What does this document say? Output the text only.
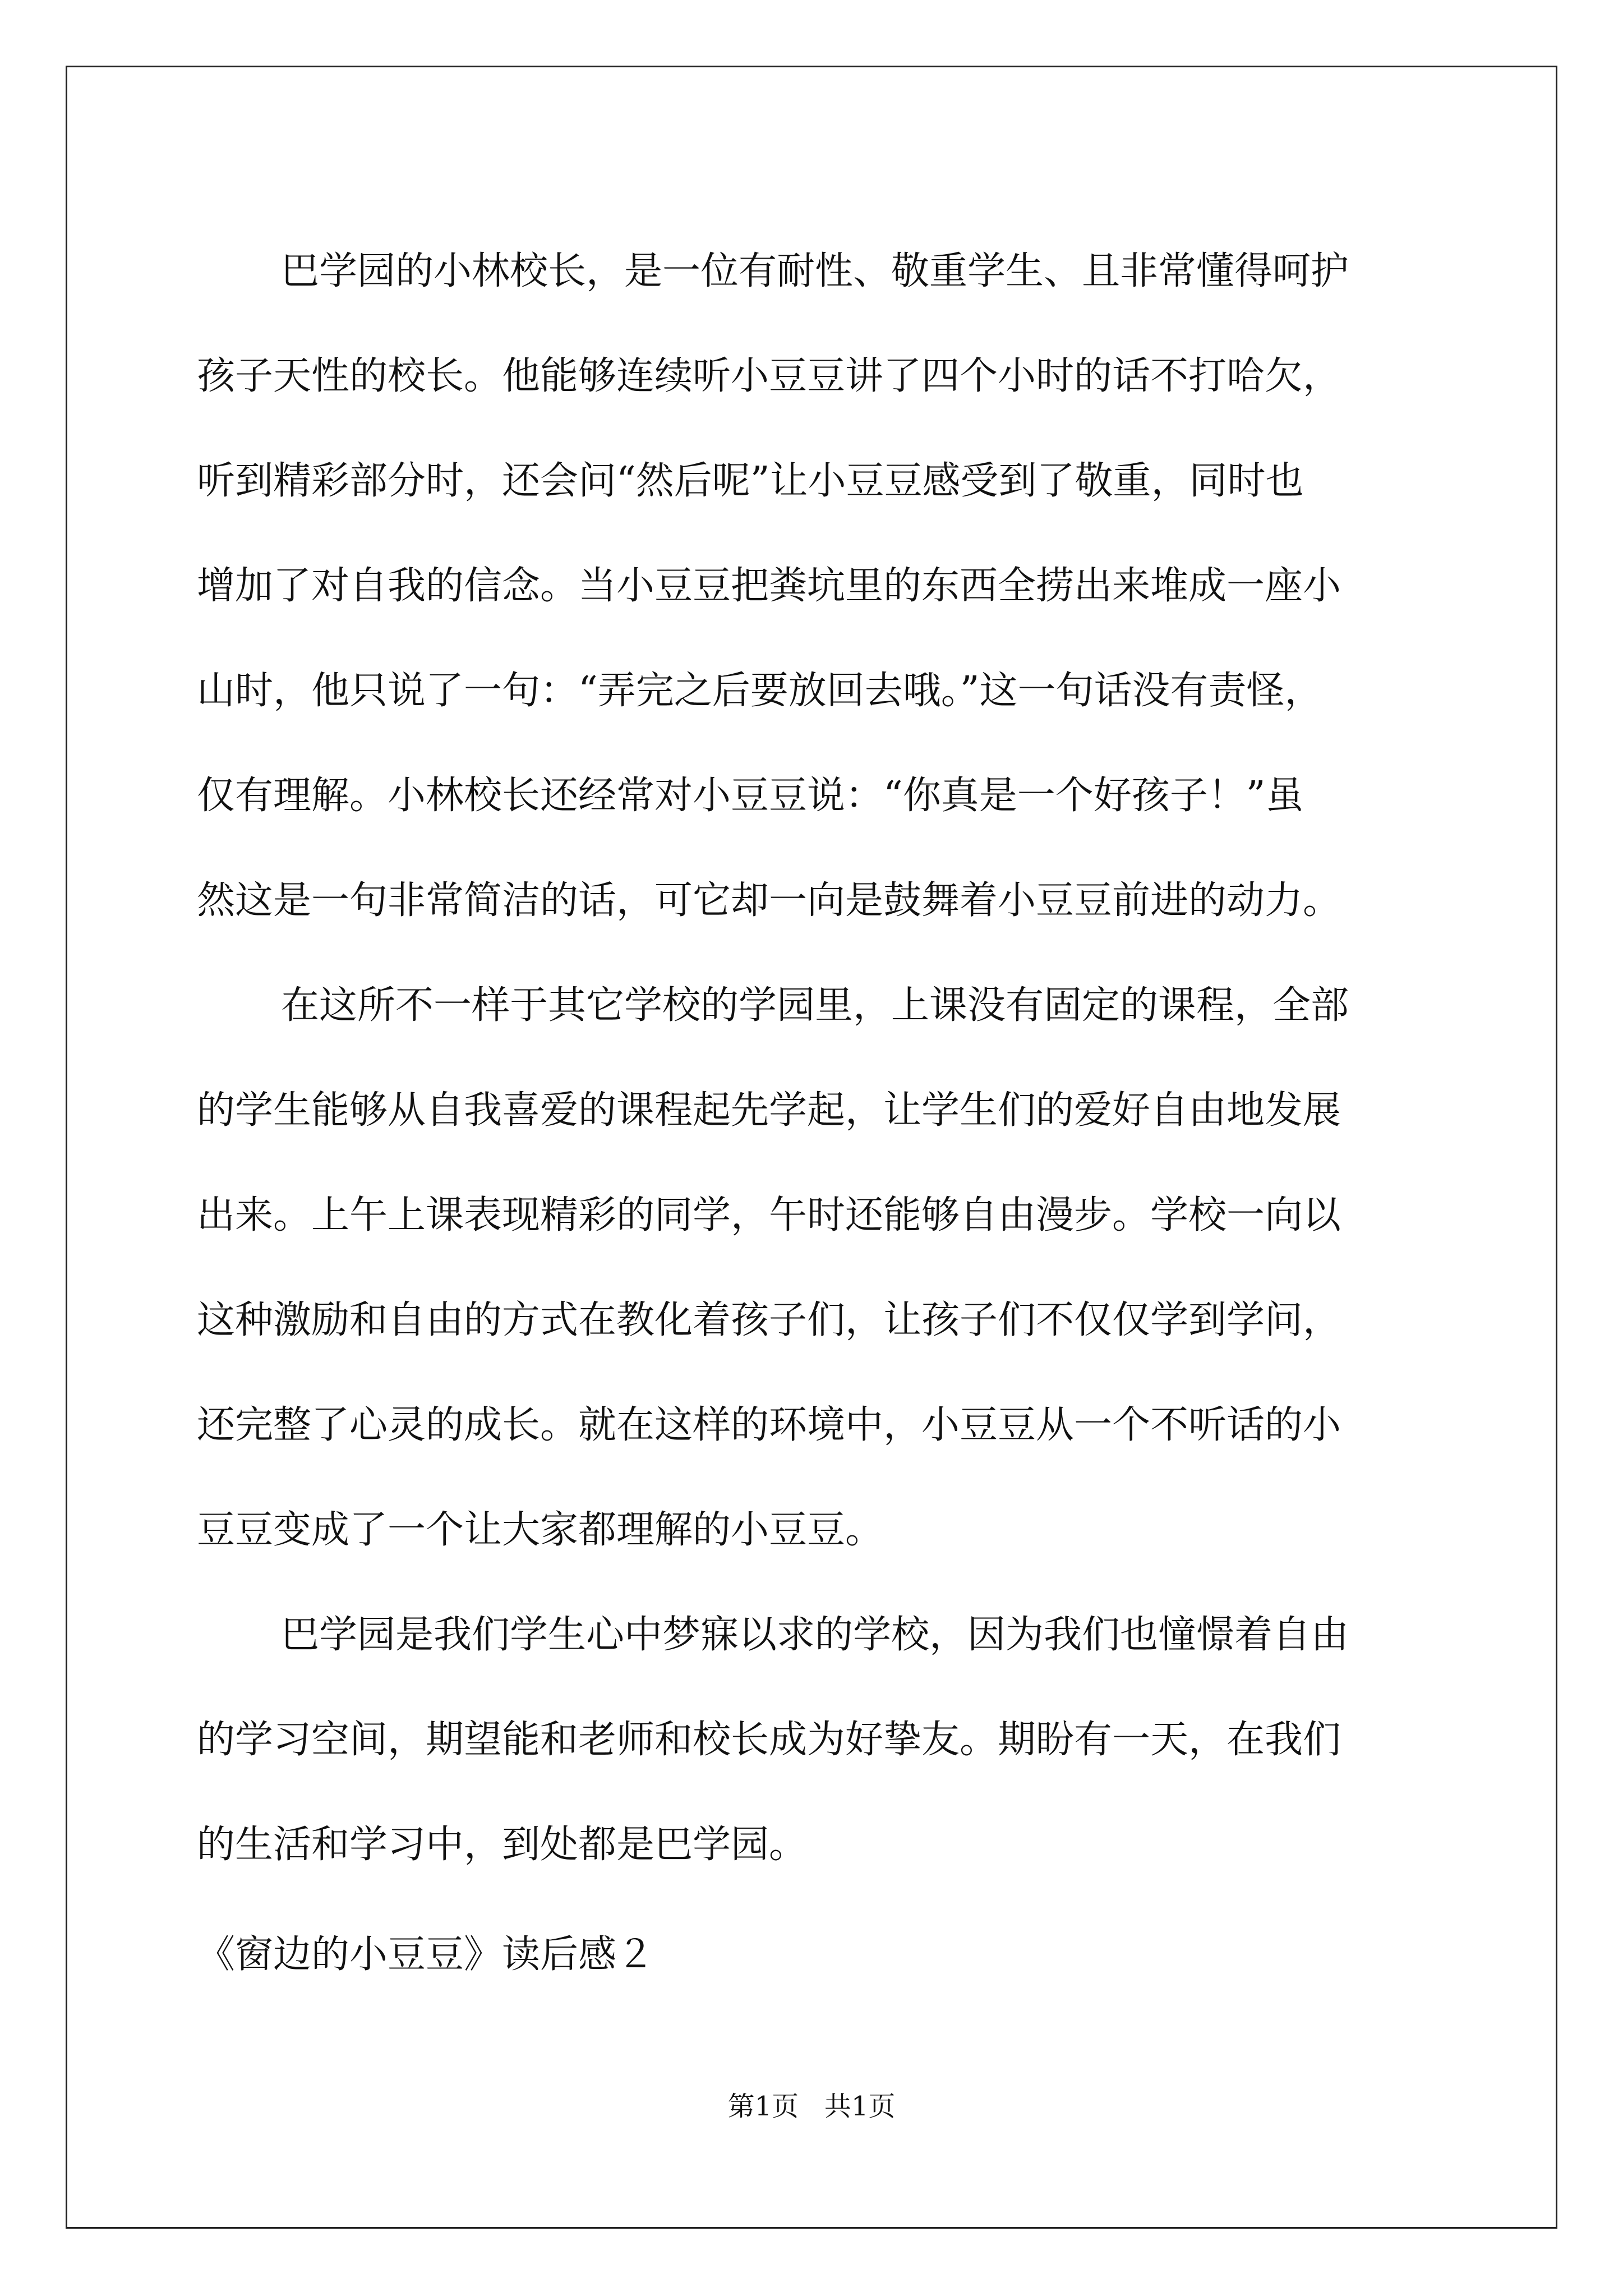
巴学园的小林校长，是一位有耐性、敬重学生、且非常懂得呵护
孩子天性的校长。他能够连续听小豆豆讲了四个小时的话不打哈欠，
听到精彩部分时，还会问“然后呢”让小豆豆感受到了敬重，同时也
增加了对自我的信念。当小豆豆把粪坑里的东西全捞出来堆成一座小
山时，他只说了一句：“弄完之后要放回去哦。”这一句话没有责怪，
仅有理解。小林校长还经常对小豆豆说：“你真是一个好孩子！”虽
然这是一句非常简洁的话，可它却一向是鼓舞着小豆豆前进的动力。

在这所不一样于其它学校的学园里，上课没有固定的课程，全部
的学生能够从自我喜爱的课程起先学起，让学生们的爱好自由地发展
出来。上午上课表现精彩的同学，午时还能够自由漫步。学校一向以
这种激励和自由的方式在教化着孩子们，让孩子们不仅仅学到学问，
还完整了心灵的成长。就在这样的环境中，小豆豆从一个不听话的小
豆豆变成了一个让大家都理解的小豆豆。

巴学园是我们学生心中梦寐以求的学校，因为我们也憧憬着自由
的学习空间，期望能和老师和校长成为好挚友。期盼有一天，在我们
的生活和学习中，到处都是巴学园。

《窗边的小豆豆》读后感２

第1页   共1页
